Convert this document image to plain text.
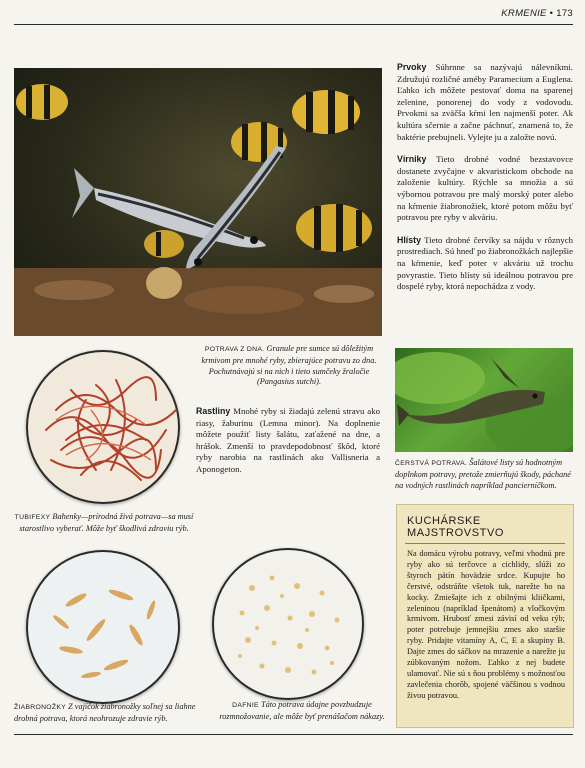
KRMENIE • 173
POTRAVA Z DNA. Granule pre sumce sú dôležitým krmivom pre mnohé ryby, zbierajúce potravu zo dna. Pochutnávajú si na nich i tieto sumčeky žraločie (Pangasius sutchi).

Prvoky Súhrnne sa nazývajú nálevníkmi. Združujú rozličné améby Paramecium a Euglena. Ľahko ich môžete pestovať doma na sparenej zelenine, ponorenej do vody z vodovodu. Prvokmi sa zväčša kŕmi len najmenší poter. Ak kultúra sčernie a začne páchnuť, znamená to, že baktérie prebujneli. Vylejte ju a založte novú.

Vírniky Tieto drobné vodné bezstavovce dostanete zvyčajne v akvaristickom obchode na založenie kultúry. Rýchle sa množia a sú výbornou potravou pre malý morský poter alebo na kŕmenie žiabronožiek, ktoré potom môžu byť potravou pre ryby v akváriu.

Hlísty Tieto drobné červíky sa nájdu v rôznych prostrediach. Sú hneď po žiabronožkách najlepšie na kŕmenie, keď poter v akváriu už trochu povyrastie. Tieto hlísty sú ideálnou potravou pre dospelé ryby, ktorá nepochádza z vody.

ČERSTVÁ POTRAVA. Šalátové listy sú hodnotným doplnkom potravy, pretože zmierňujú škody, páchané na vodných rastlinách napríklad pancierníčkom.
TUBIFEXY Bahenky—prírodná živá potrava—sa musí starostlivo vyberať. Môže byť škodlivá zdraviu rýb.
Rastliny Mnohé ryby si žiadajú zelenú stravu ako riasy, žaburinu (Lemna minor). Na doplnenie môžete použiť listy šalátu, zaťažené na dne, a hrášok. Zmenší to pravdepodobnosť škôd, ktoré ryby narobia na rastlinách ako Vallisneria a Aponogeton.
ŽIABRONOŽKY Z vajíčok žiabronožky soľnej sa liahne drobná potrava, ktorá neohrozuje zdravie rýb.
DAFNIE Táto potrava údajne povzbudzuje rozmnožovanie, ale môže byť prenášačom nákazy.
KUCHÁRSKE MAJSTROVSTVO
Na domácu výrobu potravy, veľmi vhodnú pre ryby ako sú terčovce a cichlidy, slúži zo štyroch pätín hovädzie srdce. Kupujte ho čerstvé, odstráňte všetok tuk, narežte ho na kocky. Zmiešajte ich z obilnými kliičkami, zeleninou (napríklad špenátom) a vločkovým krmivom. Hrubosť zmesi závisí od veku rýb; poter potrebuje jemnejšiu zmes ako staršie ryby. Pridajte vitamíny A, C, E a skupiny B. Dajte zmes do sáčkov na mrazenie a narežte ju zúbkovaným nožom. Ľahko z nej budete ulamovať. Nie sú s ňou problémy s možnosťou zavlečenia chorôb, spojené väčšinou s vodnou živou potravou.
